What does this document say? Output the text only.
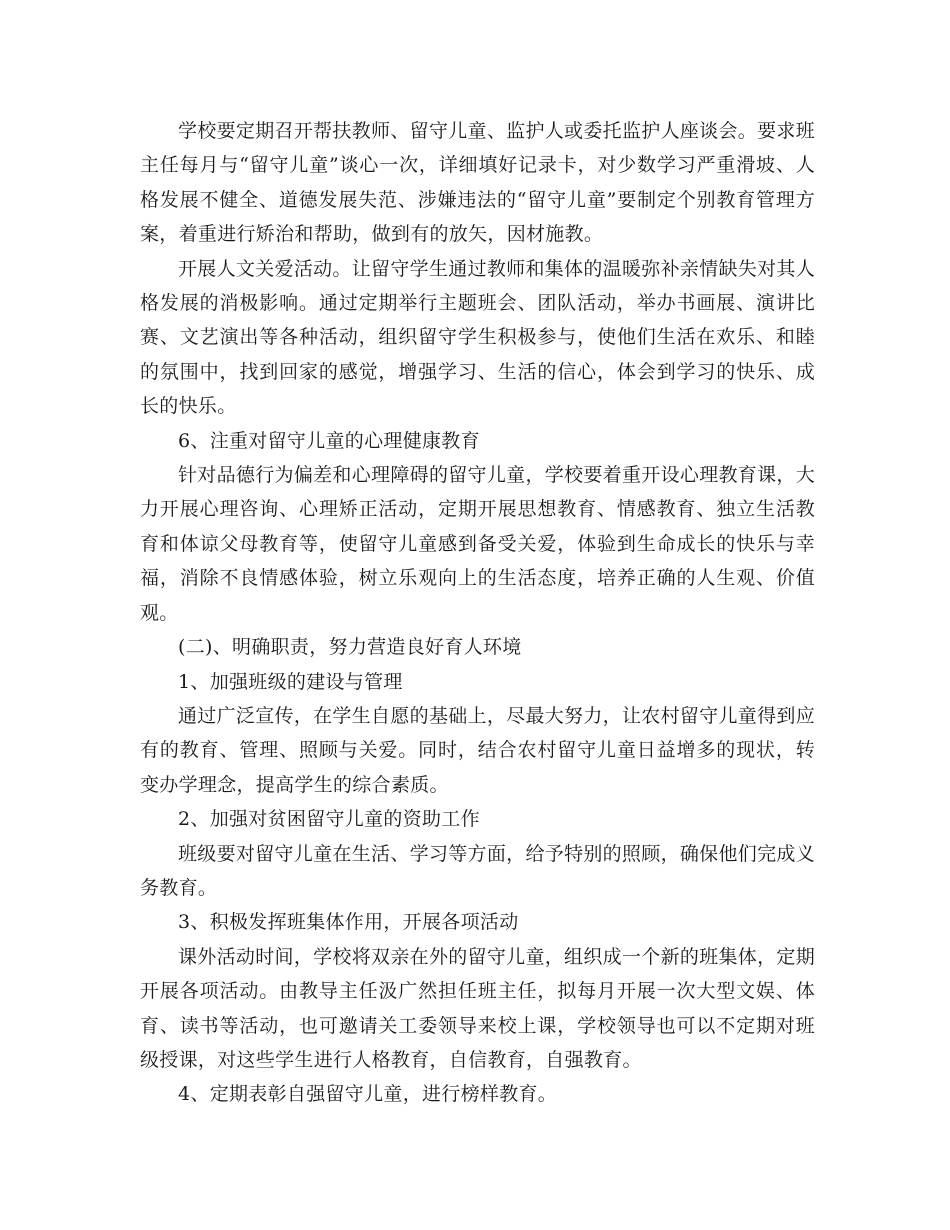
学校要定期召开帮扶教师、留守儿童、监护人或委托监护人座谈会。要求班主任每月与“留守儿童”谈心一次，详细填好记录卡，对少数学习严重滑坡、人格发展不健全、道德发展失范、涉嫌违法的“留守儿童”要制定个别教育管理方案，着重进行矫治和帮助，做到有的放矢，因材施教。

开展人文关爱活动。让留守学生通过教师和集体的温暖弥补亲情缺失对其人格发展的消极影响。通过定期举行主题班会、团队活动，举办书画展、演讲比赛、文艺演出等各种活动，组织留守学生积极参与，使他们生活在欢乐、和睦的氛围中，找到回家的感觉，增强学习、生活的信心，体会到学习的快乐、成长的快乐。

6、注重对留守儿童的心理健康教育

针对品德行为偏差和心理障碍的留守儿童，学校要着重开设心理教育课，大力开展心理咨询、心理矫正活动，定期开展思想教育、情感教育、独立生活教育和体谅父母教育等，使留守儿童感到备受关爱，体验到生命成长的快乐与幸福，消除不良情感体验，树立乐观向上的生活态度，培养正确的人生观、价值观。

(二)、明确职责，努力营造良好育人环境

1、加强班级的建设与管理

通过广泛宣传，在学生自愿的基础上，尽最大努力，让农村留守儿童得到应有的教育、管理、照顾与关爱。同时，结合农村留守儿童日益增多的现状，转变办学理念，提高学生的综合素质。

2、加强对贫困留守儿童的资助工作

班级要对留守儿童在生活、学习等方面，给予特别的照顾，确保他们完成义务教育。

3、积极发挥班集体作用，开展各项活动

课外活动时间，学校将双亲在外的留守儿童，组织成一个新的班集体，定期开展各项活动。由教导主任汲广然担任班主任，拟每月开展一次大型文娱、体育、读书等活动，也可邀请关工委领导来校上课，学校领导也可以不定期对班级授课，对这些学生进行人格教育，自信教育，自强教育。

4、定期表彰自强留守儿童，进行榜样教育。
